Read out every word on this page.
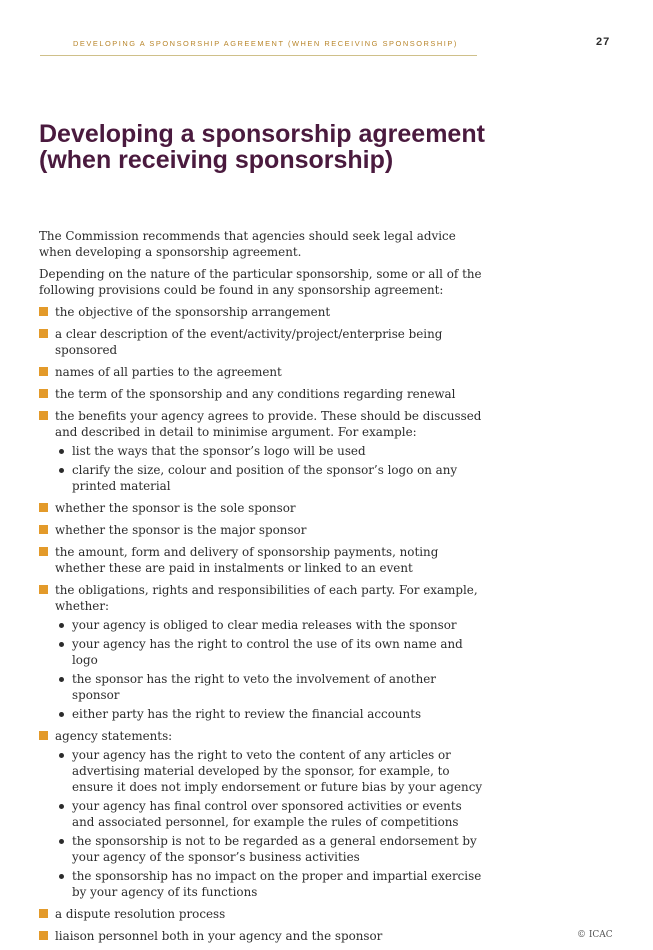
DEVELOPING A SPONSORSHIP AGREEMENT (WHEN RECEIVING SPONSORSHIP)	27
Developing a sponsorship agreement (when receiving sponsorship)

The Commission recommends that agencies should seek legal advice when developing a sponsorship agreement.

Depending on the nature of the particular sponsorship, some or all of the following provisions could be found in any sponsorship agreement:

the objective of the sponsorship arrangement
a clear description of the event/activity/project/enterprise being sponsored
names of all parties to the agreement
the term of the sponsorship and any conditions regarding renewal
the benefits your agency agrees to provide. These should be discussed and described in detail to minimise argument. For example:
list the ways that the sponsor’s logo will be used
clarify the size, colour and position of the sponsor’s logo on any printed material
whether the sponsor is the sole sponsor
whether the sponsor is the major sponsor
the amount, form and delivery of sponsorship payments, noting whether these are paid in instalments or linked to an event
the obligations, rights and responsibilities of each party. For example, whether:
your agency is obliged to clear media releases with the sponsor
your agency has the right to control the use of its own name and logo
the sponsor has the right to veto the involvement of another sponsor
either party has the right to review the financial accounts
agency statements:
your agency has the right to veto the content of any articles or advertising material developed by the sponsor, for example, to ensure it does not imply endorsement or future bias by your agency
your agency has final control over sponsored activities or events and associated personnel, for example the rules of competitions
the sponsorship is not to be regarded as a general endorsement by your agency of the sponsor’s business activities
the sponsorship has no impact on the proper and impartial exercise by your agency of its functions
a dispute resolution process
liaison personnel both in your agency and the sponsor	© ICAC
